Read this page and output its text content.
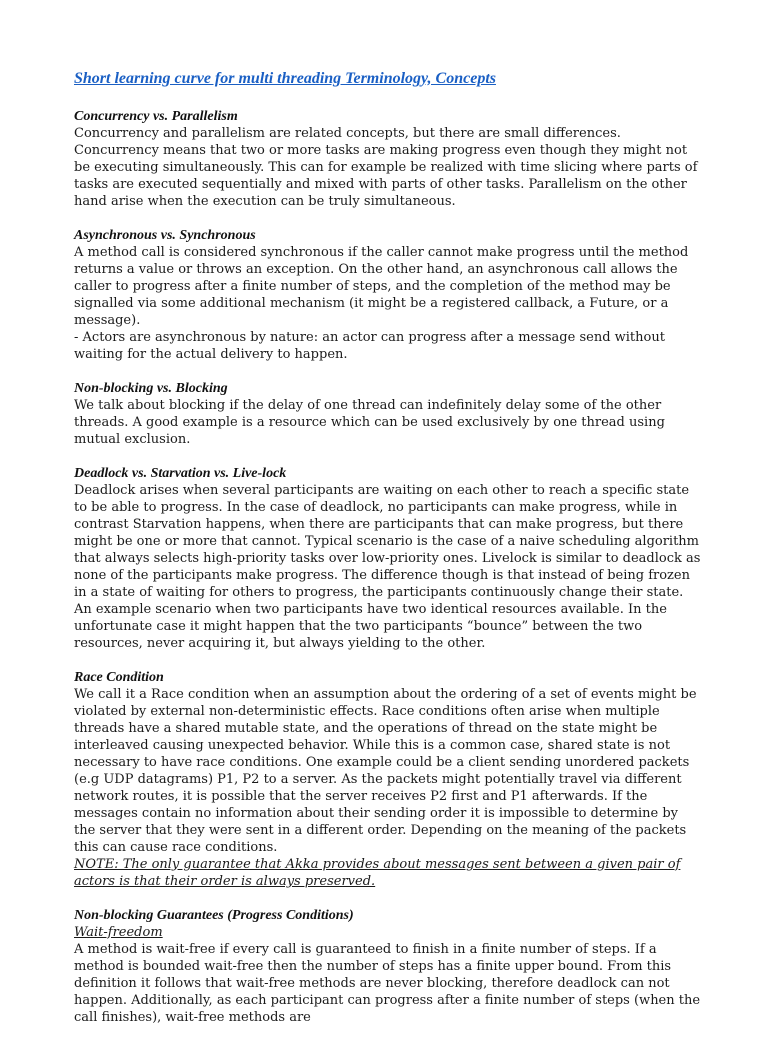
Short learning curve for multi threading Terminology, Concepts

Concurrency vs. Parallelism

Concurrency and parallelism are related concepts, but there are small differences. Concurrency means that two or more tasks are making progress even though they might not be executing simultaneously. This can for example be realized with time slicing where parts of tasks are executed sequentially and mixed with parts of other tasks. Parallelism on the other hand arise when the execution can be truly simultaneous.

Asynchronous vs. Synchronous

A method call is considered synchronous if the caller cannot make progress until the method returns a value or throws an exception. On the other hand, an asynchronous call allows the caller to progress after a finite number of steps, and the completion of the method may be signalled via some additional mechanism (it might be a registered callback, a Future, or a message).

- Actors are asynchronous by nature: an actor can progress after a message send without waiting for the actual delivery to happen.

Non-blocking vs. Blocking

We talk about blocking if the delay of one thread can indefinitely delay some of the other threads. A good example is a resource which can be used exclusively by one thread using mutual exclusion.

Deadlock vs. Starvation vs. Live-lock

Deadlock arises when several participants are waiting on each other to reach a specific state to be able to progress. In the case of deadlock, no participants can make progress, while in contrast Starvation happens, when there are participants that can make progress, but there might be one or more that cannot. Typical scenario is the case of a naive scheduling algorithm that always selects high-priority tasks over low-priority ones. Livelock is similar to deadlock as none of the participants make progress. The difference though is that instead of being frozen in a state of waiting for others to progress, the participants continuously change their state. An example scenario when two participants have two identical resources available. In the unfortunate case it might happen that the two participants “bounce” between the two resources, never acquiring it, but always yielding to the other.

Race Condition

We call it a Race condition when an assumption about the ordering of a set of events might be violated by external non-deterministic effects. Race conditions often arise when multiple threads have a shared mutable state, and the operations of thread on the state might be interleaved causing unexpected behavior. While this is a common case, shared state is not necessary to have race conditions. One example could be a client sending unordered packets (e.g UDP datagrams) P1, P2 to a server. As the packets might potentially travel via different network routes, it is possible that the server receives P2 first and P1 afterwards. If the messages contain no information about their sending order it is impossible to determine by the server that they were sent in a different order. Depending on the meaning of the packets this can cause race conditions.

NOTE: The only guarantee that Akka provides about messages sent between a given pair of actors is that their order is always preserved.

Non-blocking Guarantees (Progress Conditions)

Wait-freedom

A method is wait-free if every call is guaranteed to finish in a finite number of steps. If a method is bounded wait-free then the number of steps has a finite upper bound. From this definition it follows that wait-free methods are never blocking, therefore deadlock can not happen. Additionally, as each participant can progress after a finite number of steps (when the call finishes), wait-free methods are
